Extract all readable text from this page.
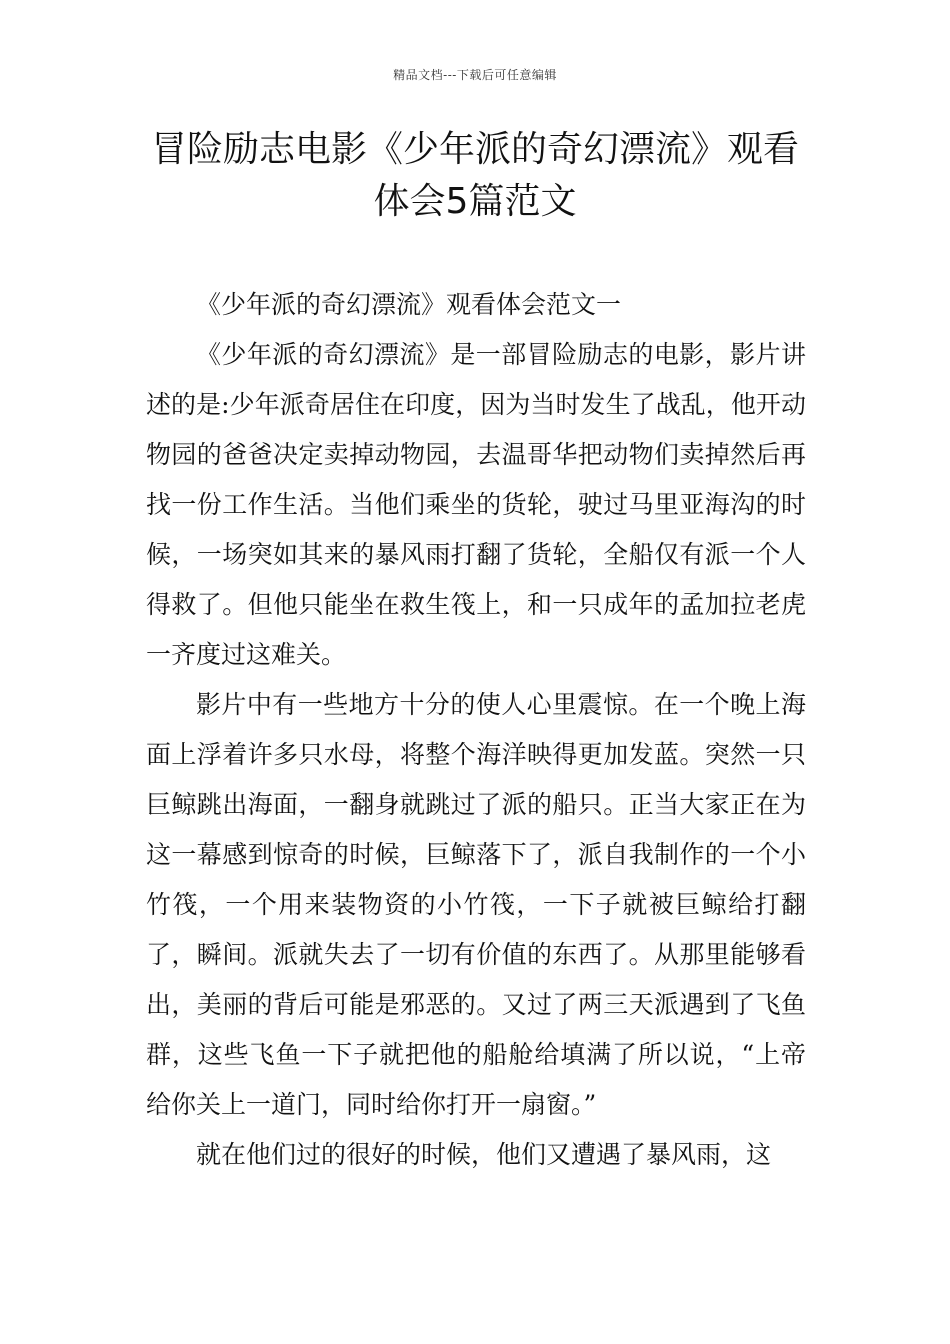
精品文档---下载后可任意编辑
冒险励志电影《少年派的奇幻漂流》观看体会5篇范文

《少年派的奇幻漂流》观看体会范文一

《少年派的奇幻漂流》是一部冒险励志的电影，影片讲述的是:少年派奇居住在印度，因为当时发生了战乱，他开动物园的爸爸决定卖掉动物园，去温哥华把动物们卖掉然后再找一份工作生活。当他们乘坐的货轮，驶过马里亚海沟的时候，一场突如其来的暴风雨打翻了货轮，全船仅有派一个人得救了。但他只能坐在救生筏上，和一只成年的孟加拉老虎一齐度过这难关。

影片中有一些地方十分的使人心里震惊。在一个晚上海面上浮着许多只水母，将整个海洋映得更加发蓝。突然一只巨鲸跳出海面，一翻身就跳过了派的船只。正当大家正在为这一幕感到惊奇的时候，巨鲸落下了，派自我制作的一个小竹筏，一个用来装物资的小竹筏，一下子就被巨鲸给打翻了，瞬间。派就失去了一切有价值的东西了。从那里能够看出，美丽的背后可能是邪恶的。又过了两三天派遇到了飞鱼群，这些飞鱼一下子就把他的船舱给填满了所以说，“上帝给你关上一道门，同时给你打开一扇窗。”

就在他们过的很好的时候，他们又遭遇了暴风雨，这
